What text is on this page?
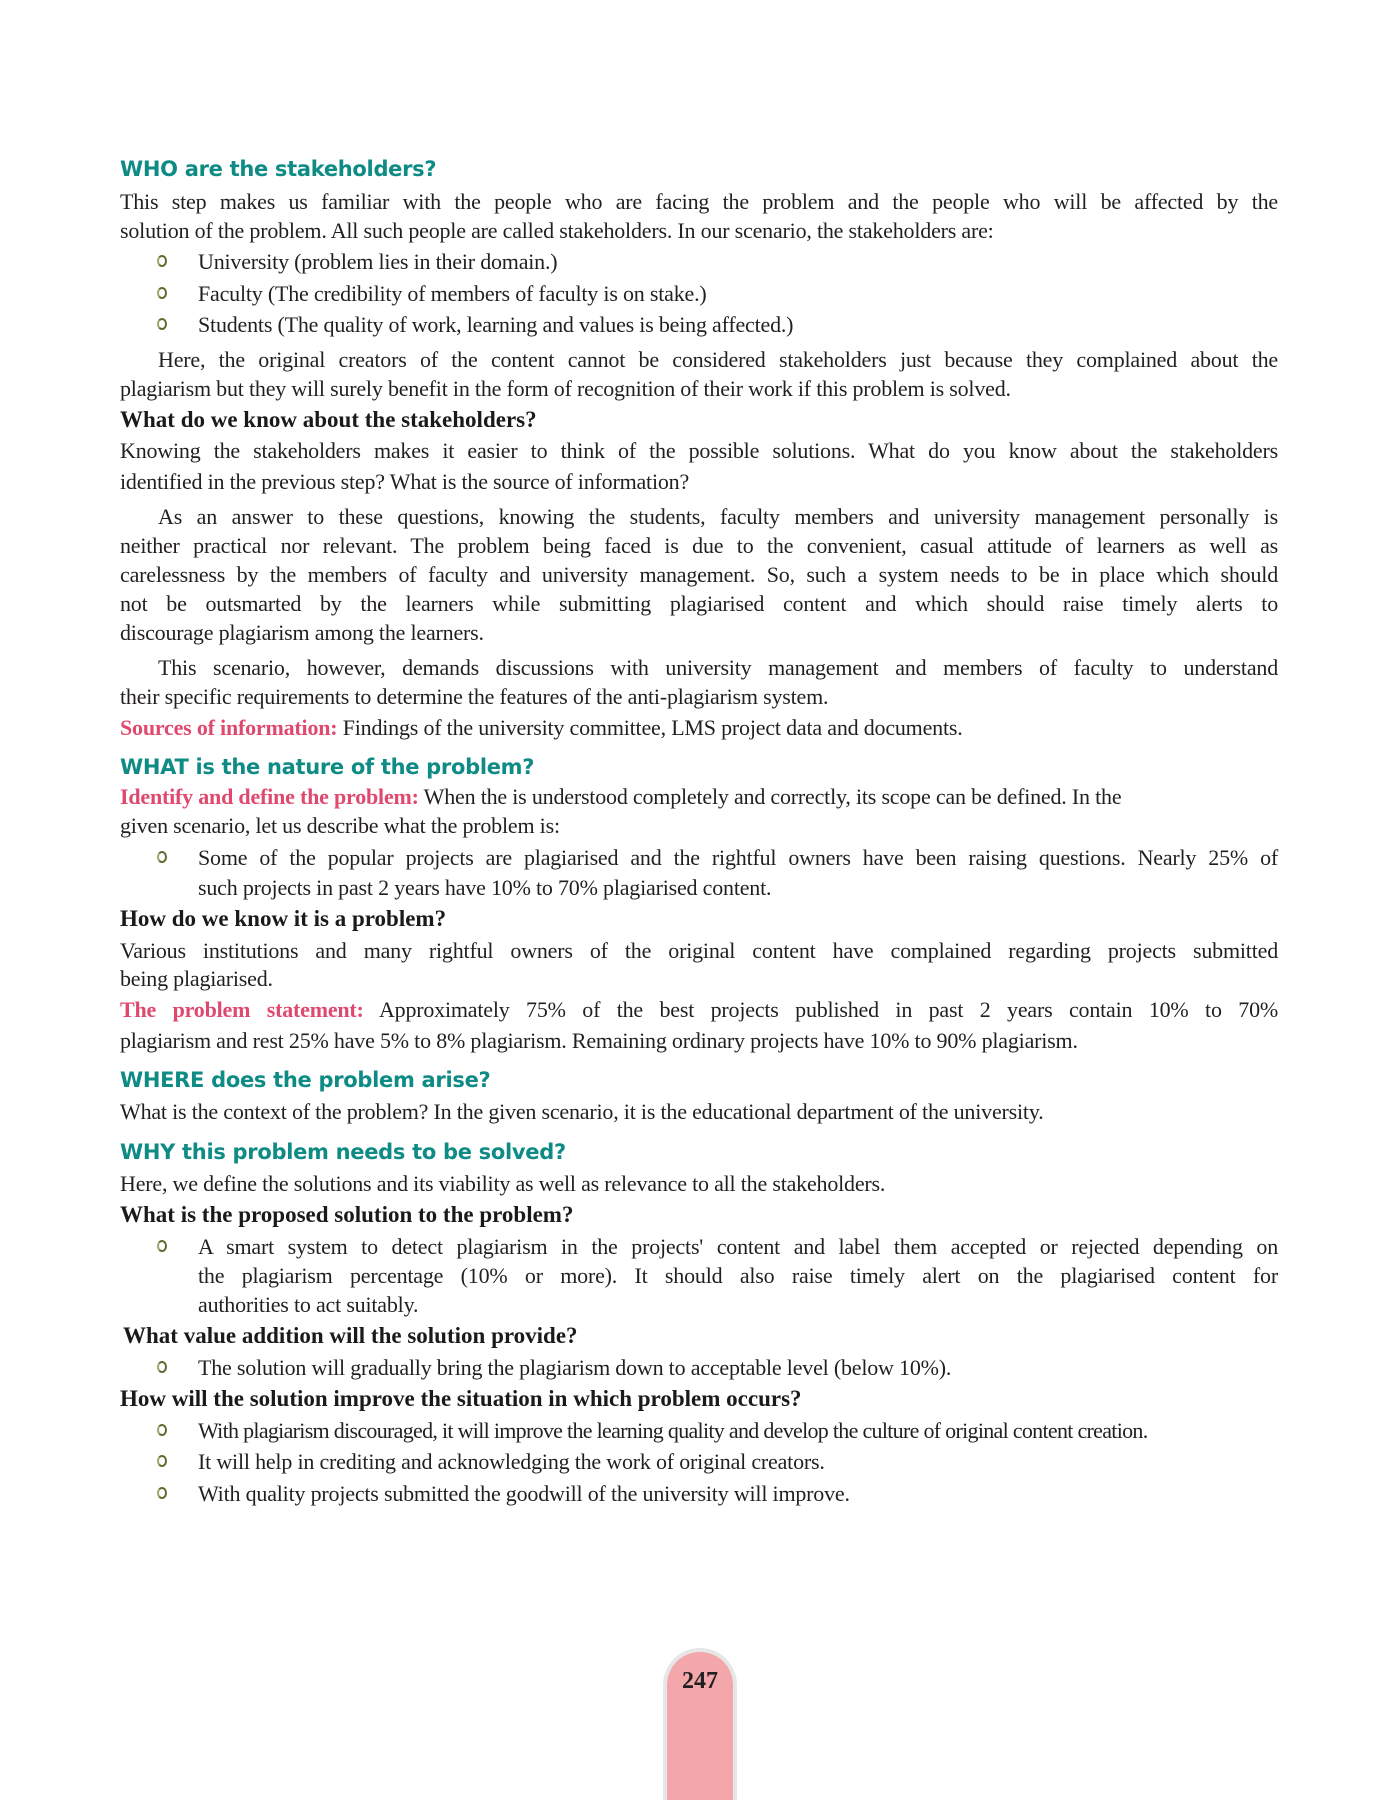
WHO are the stakeholders?
This step makes us familiar with the people who are facing the problem and the people who will be affected by the
solution of the problem. All such people are called stakeholders. In our scenario, the stakeholders are:
University (problem lies in their domain.)
Faculty (The credibility of members of faculty is on stake.)
Students (The quality of work, learning and values is being affected.)
Here, the original creators of the content cannot be considered stakeholders just because they complained about the
plagiarism but they will surely benefit in the form of recognition of their work if this problem is solved.
What do we know about the stakeholders?
Knowing the stakeholders makes it easier to think of the possible solutions. What do you know about the stakeholders
identified in the previous step? What is the source of information?
As an answer to these questions, knowing the students, faculty members and university management personally is
neither practical nor relevant. The problem being faced is due to the convenient, casual attitude of learners as well as
carelessness by the members of faculty and university management. So, such a system needs to be in place which should
not be outsmarted by the learners while submitting plagiarised content and which should raise timely alerts to
discourage plagiarism among the learners.
This scenario, however, demands discussions with university management and members of faculty to understand
their specific requirements to determine the features of the anti-plagiarism system.
Sources of information: Findings of the university committee, LMS project data and documents.
WHAT is the nature of the problem?
Identify and define the problem: When the is understood completely and correctly, its scope can be defined. In the
given scenario, let us describe what the problem is:
Some of the popular projects are plagiarised and the rightful owners have been raising questions. Nearly 25% of
such projects in past 2 years have 10% to 70% plagiarised content.
How do we know it is a problem?
Various institutions and many rightful owners of the original content have complained regarding projects submitted
being plagiarised.
The problem statement: Approximately 75% of the best projects published in past 2 years contain 10% to 70%
plagiarism and rest 25% have 5% to 8% plagiarism. Remaining ordinary projects have 10% to 90% plagiarism.
WHERE does the problem arise?
What is the context of the problem? In the given scenario, it is the educational department of the university.
WHY this problem needs to be solved?
Here, we define the solutions and its viability as well as relevance to all the stakeholders.
What is the proposed solution to the problem?
A smart system to detect plagiarism in the projects' content and label them accepted or rejected depending on
the plagiarism percentage (10% or more). It should also raise timely alert on the plagiarised content for
authorities to act suitably.
What value addition will the solution provide?
The solution will gradually bring the plagiarism down to acceptable level (below 10%).
How will the solution improve the situation in which problem occurs?
With plagiarism discouraged, it will improve the learning quality and develop the culture of original content creation.
It will help in crediting and acknowledging the work of original creators.
With quality projects submitted the goodwill of the university will improve.
247
